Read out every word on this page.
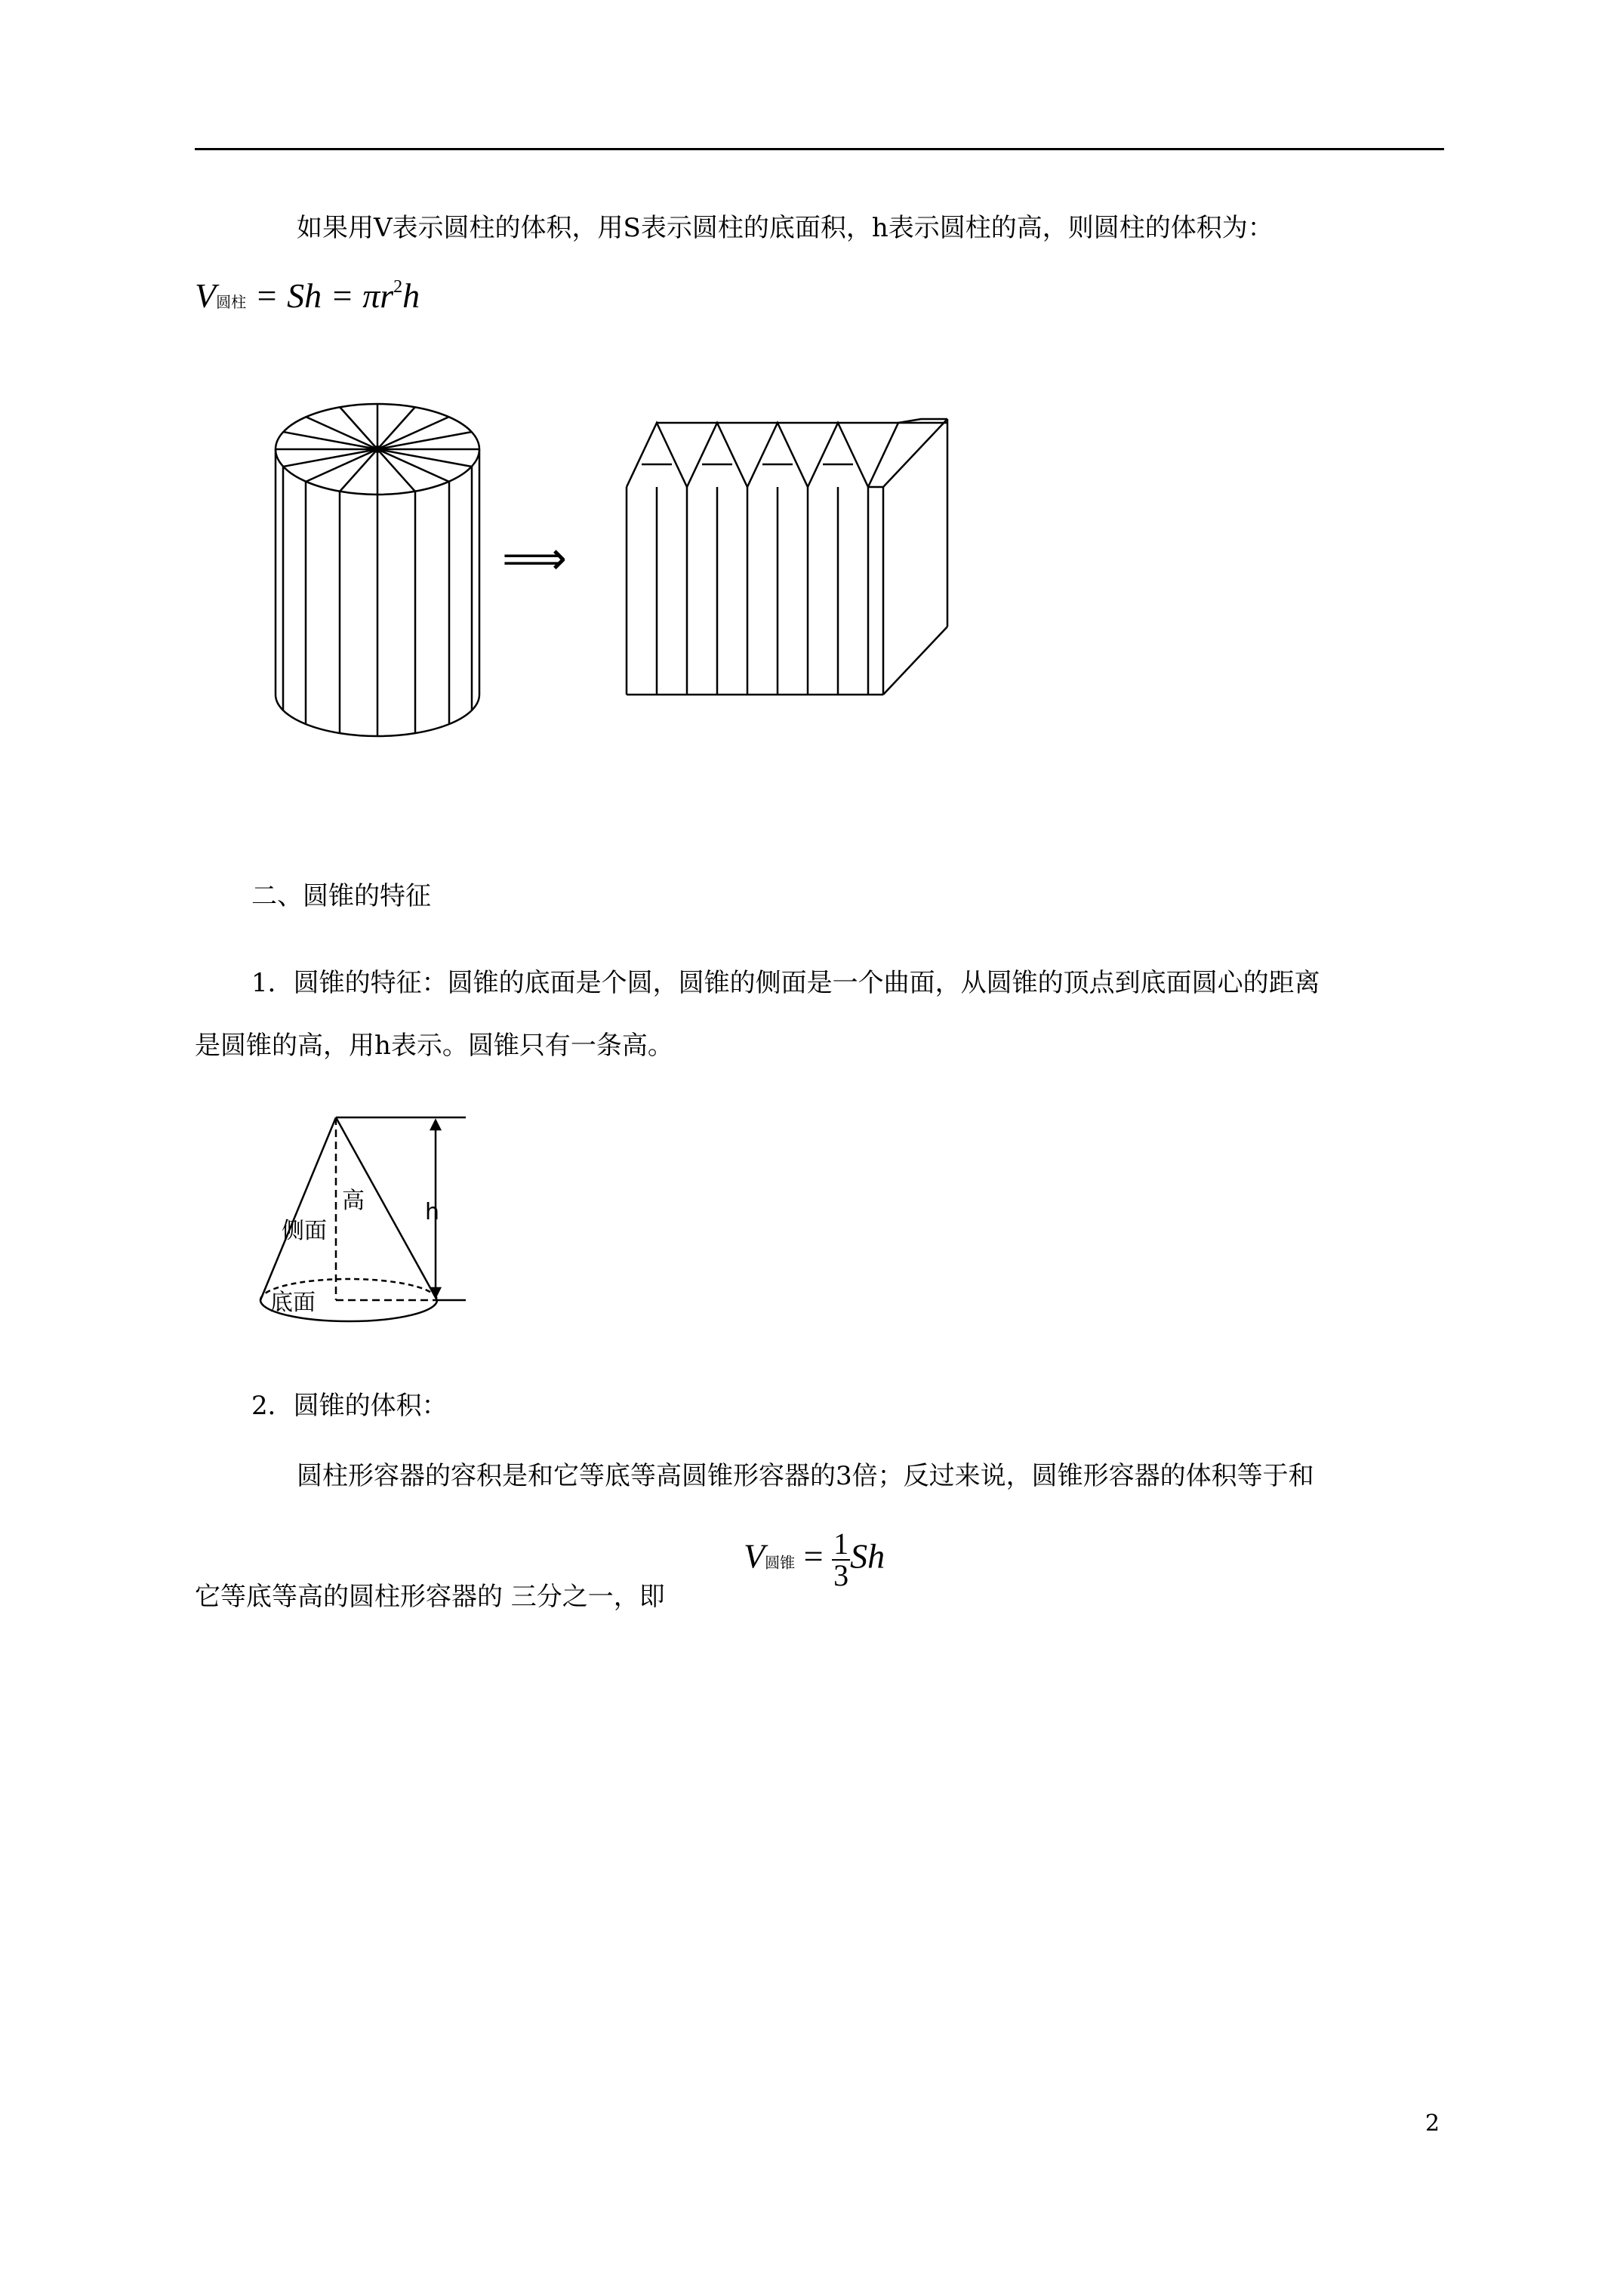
如果用V表示圆柱的体积，用S表示圆柱的底面积，h表示圆柱的高，则圆柱的体积为：
V圆柱 = $Sh = \pi r^2h$
⟹
二、圆锥的特征
1．圆锥的特征：圆锥的底面是个圆，圆锥的侧面是一个曲面，从圆锥的顶点到底面圆心的距离
是圆锥的高，用h表示。圆锥只有一条高。
高
侧面
底面
h
2．圆锥的体积：
圆柱形容器的容积是和它等底等高圆锥形容器的3倍；反过来说，圆锥形容器的体积等于和
它等底等高的圆柱形容器的 三分之一，即
V圆锥 = $\frac{1}{3}$ Sh
2
